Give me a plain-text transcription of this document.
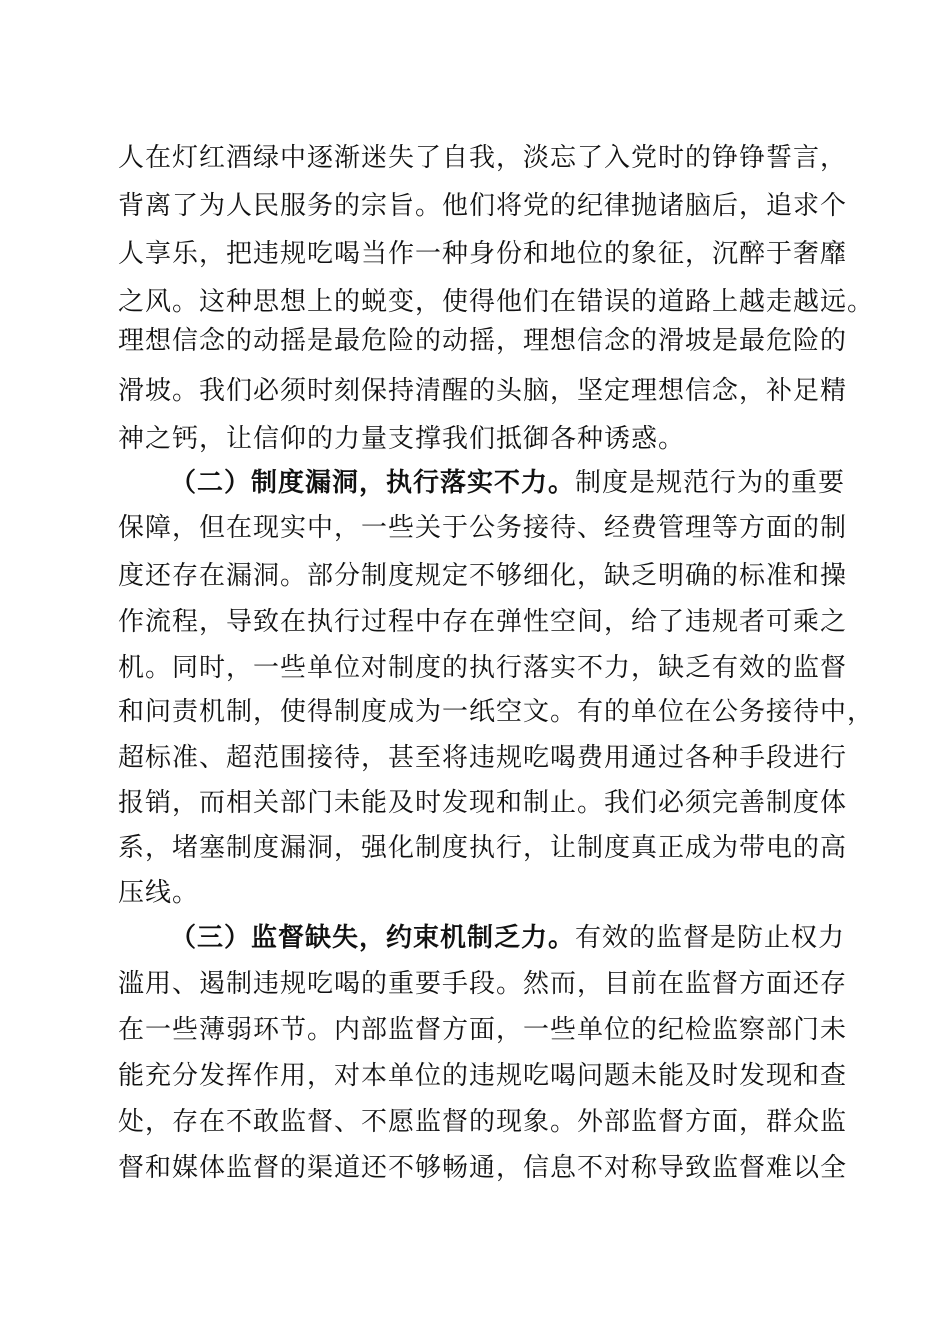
人在灯红酒绿中逐渐迷失了自我，淡忘了入党时的铮铮誓言，
背离了为人民服务的宗旨。他们将党的纪律抛诸脑后，追求个
人享乐，把违规吃喝当作一种身份和地位的象征，沉醉于奢靡
之风。这种思想上的蜕变，使得他们在错误的道路上越走越远。
理想信念的动摇是最危险的动摇，理想信念的滑坡是最危险的
滑坡。我们必须时刻保持清醒的头脑，坚定理想信念，补足精
神之钙，让信仰的力量支撑我们抵御各种诱惑。
（二）制度漏洞，执行落实不力。制度是规范行为的重要
保障，但在现实中，一些关于公务接待、经费管理等方面的制
度还存在漏洞。部分制度规定不够细化，缺乏明确的标准和操
作流程，导致在执行过程中存在弹性空间，给了违规者可乘之
机。同时，一些单位对制度的执行落实不力，缺乏有效的监督
和问责机制，使得制度成为一纸空文。有的单位在公务接待中，
超标准、超范围接待，甚至将违规吃喝费用通过各种手段进行
报销，而相关部门未能及时发现和制止。我们必须完善制度体
系，堵塞制度漏洞，强化制度执行，让制度真正成为带电的高
压线。
（三）监督缺失，约束机制乏力。有效的监督是防止权力
滥用、遏制违规吃喝的重要手段。然而，目前在监督方面还存
在一些薄弱环节。内部监督方面，一些单位的纪检监察部门未
能充分发挥作用，对本单位的违规吃喝问题未能及时发现和查
处，存在不敢监督、不愿监督的现象。外部监督方面，群众监
督和媒体监督的渠道还不够畅通，信息不对称导致监督难以全
